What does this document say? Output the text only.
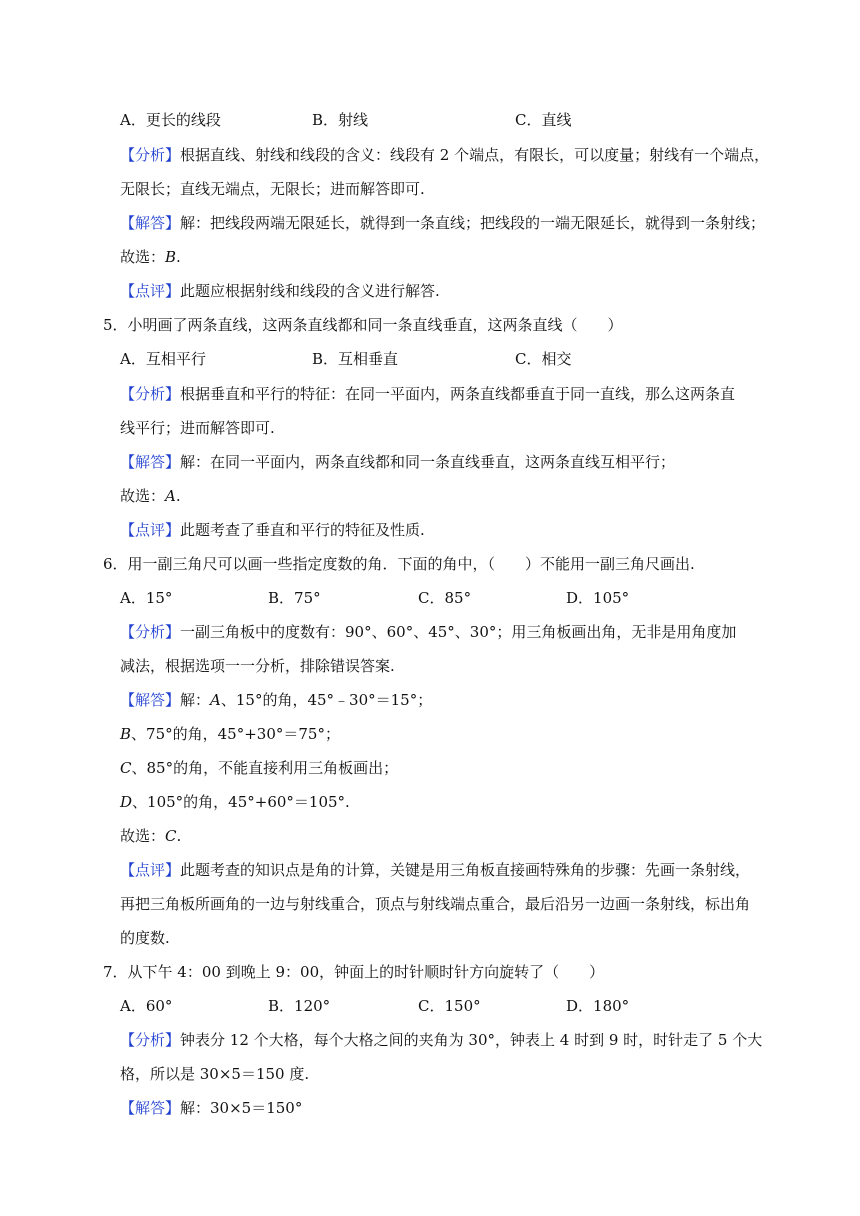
A．更长的线段	B．射线	C．直线
【分析】根据直线、射线和线段的含义：线段有 2 个端点，有限长，可以度量；射线有一个端点，
无限长；直线无端点，无限长；进而解答即可.
【解答】解：把线段两端无限延长，就得到一条直线；把线段的一端无限延长，就得到一条射线；
故选：B.
【点评】此题应根据射线和线段的含义进行解答.
5．小明画了两条直线，这两条直线都和同一条直线垂直，这两条直线（　　）
A．互相平行	B．互相垂直	C．相交
【分析】根据垂直和平行的特征：在同一平面内，两条直线都垂直于同一直线，那么这两条直
线平行；进而解答即可.
【解答】解：在同一平面内，两条直线都和同一条直线垂直，这两条直线互相平行；
故选：A.
【点评】此题考查了垂直和平行的特征及性质.
6．用一副三角尺可以画一些指定度数的角．下面的角中，（　　）不能用一副三角尺画出.
A．15°	B．75°	C．85°	D．105°
【分析】一副三角板中的度数有：90°、60°、45°、30°；用三角板画出角，无非是用角度加
减法，根据选项一一分析，排除错误答案.
【解答】解：A、15°的角，45°﹣30°＝15°；
B、75°的角，45°+30°＝75°；
C、85°的角，不能直接利用三角板画出；
D、105°的角，45°+60°＝105°.
故选：C.
【点评】此题考查的知识点是角的计算，关键是用三角板直接画特殊角的步骤：先画一条射线，
再把三角板所画角的一边与射线重合，顶点与射线端点重合，最后沿另一边画一条射线，标出角
的度数.
7．从下午 4：00 到晚上 9：00，钟面上的时针顺时针方向旋转了（　　）
A．60°	B．120°	C．150°	D．180°
【分析】钟表分 12 个大格，每个大格之间的夹角为 30°，钟表上 4 时到 9 时，时针走了 5 个大
格，所以是 30×5＝150 度.
【解答】解：30×5＝150°
